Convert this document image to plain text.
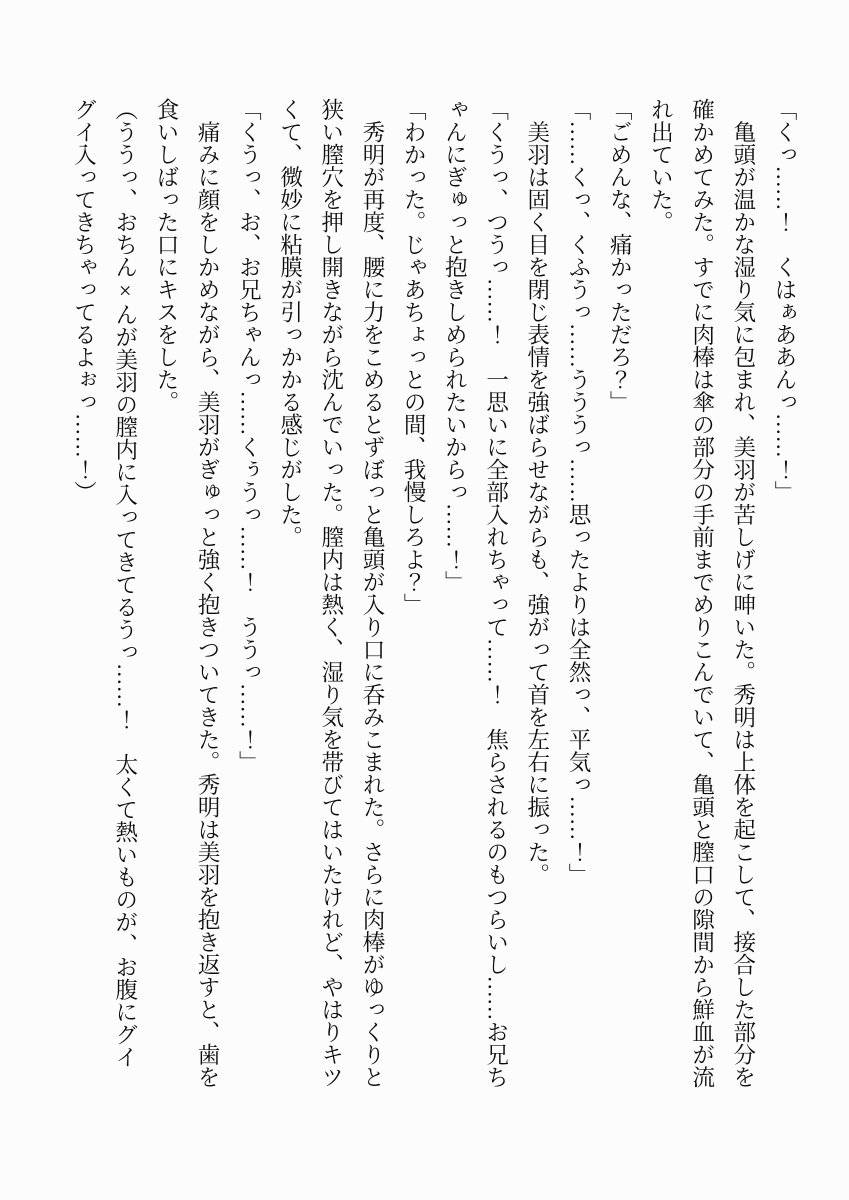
「くっ……！　くはぁああんっ……！」

　亀頭が温かな湿り気に包まれ、美羽が苦しげに呻いた。秀明は上体を起こして、接合した部分を確かめてみた。すでに肉棒は傘の部分の手前までめりこんでいて、亀頭と膣口の隙間から鮮血が流れ出ていた。

「ごめんな、痛かっただろ？」

「……くっ、くふうっ……うううっ……思ったよりは全然っ、平気っ……！」

　美羽は固く目を閉じ表情を強ばらせながらも、強がって首を左右に振った。

「くうっ、つうっ……！　一思いに全部入れちゃって……！　焦らされるのもつらいし……お兄ちゃんにぎゅっと抱きしめられたいからっ……！」

「わかった。じゃあちょっとの間、我慢しろよ？」

　秀明が再度、腰に力をこめるとずぼっと亀頭が入り口に呑みこまれた。さらに肉棒がゆっくりと狭い膣穴を押し開きながら沈んでいった。膣内は熱く、湿り気を帯びてはいたけれど、やはりキツくて、微妙に粘膜が引っかかる感じがした。

「くうっ、お、お兄ちゃんっ……くぅうっ……！　ううっ……！」

　痛みに顔をしかめながら、美羽がぎゅっと強く抱きついてきた。秀明は美羽を抱き返すと、歯を食いしばった口にキスをした。

（ううっ、おちん×んが美羽の膣内に入ってきてるうっ……！　太くて熱いものが、お腹にグイグイ入ってきちゃってるよぉっ……！）
